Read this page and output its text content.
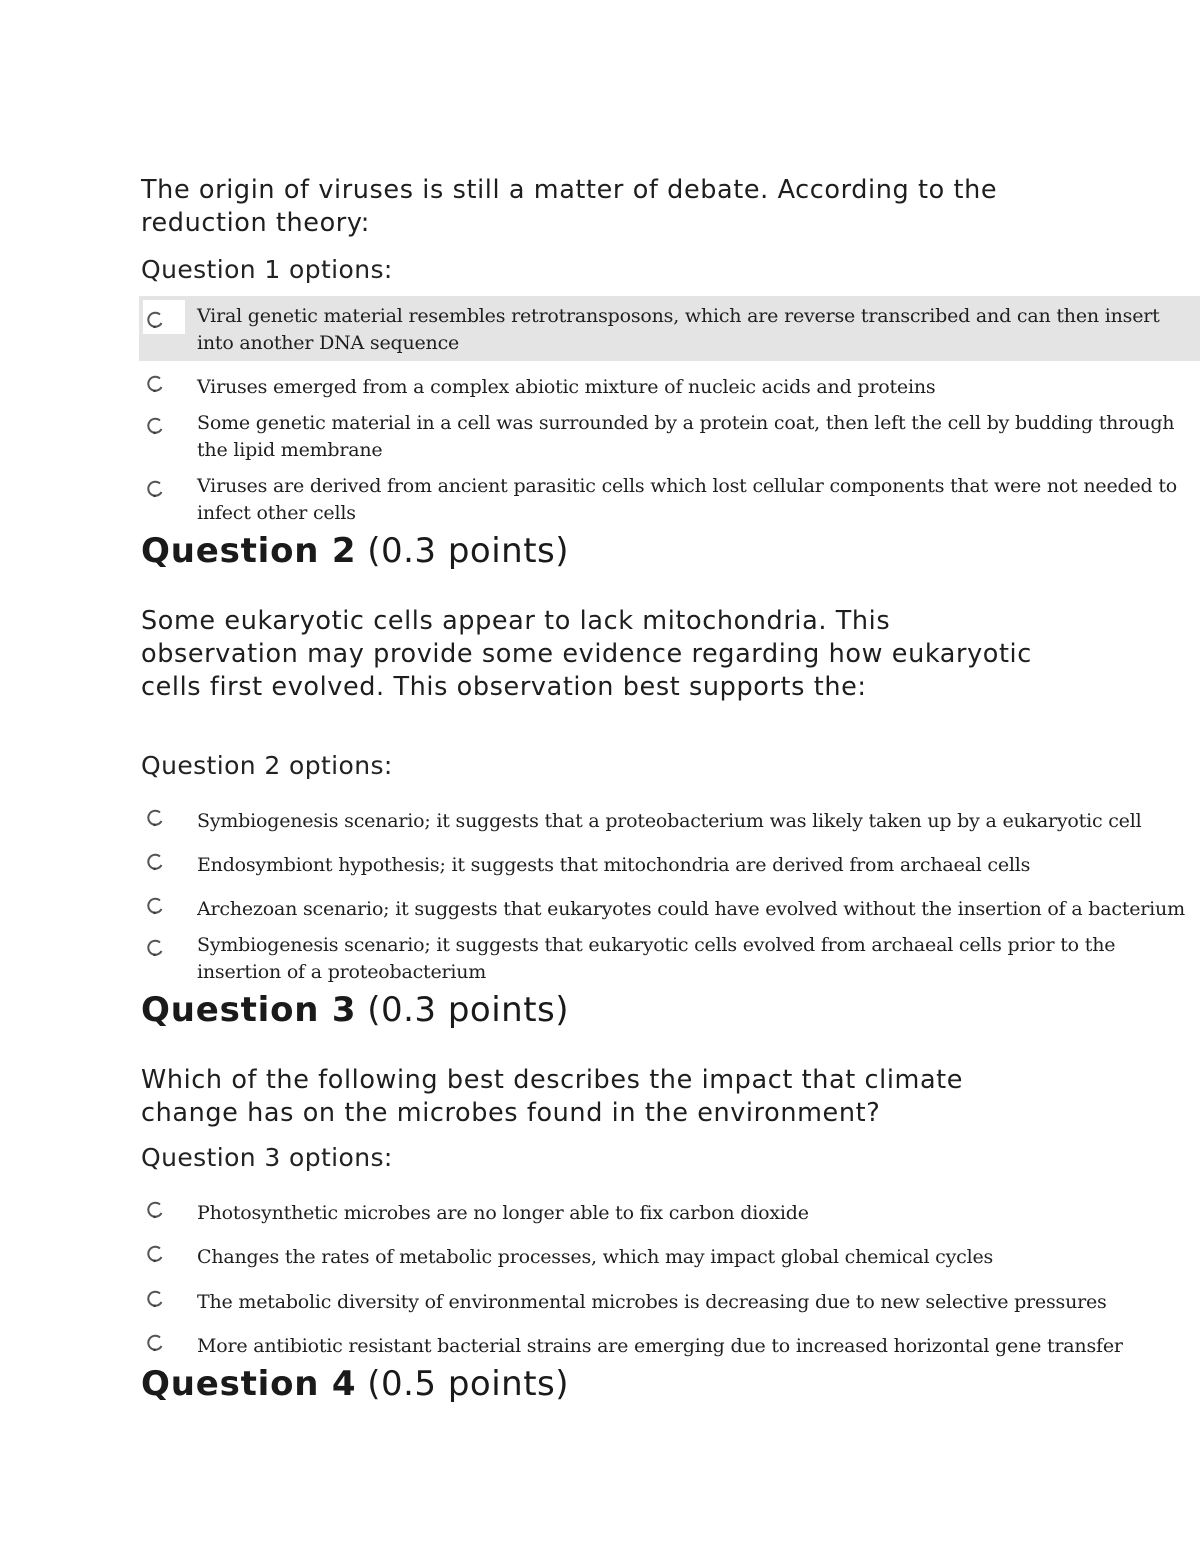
The origin of viruses is still a matter of debate. According to the reduction theory:
Question 1 options:
Viral genetic material resembles retrotransposons, which are reverse transcribed and can then insert into another DNA sequence
Viruses emerged from a complex abiotic mixture of nucleic acids and proteins
Some genetic material in a cell was surrounded by a protein coat, then left the cell by budding through the lipid membrane
Viruses are derived from ancient parasitic cells which lost cellular components that were not needed to infect other cells
Question 2 (0.3 points)
Some eukaryotic cells appear to lack mitochondria. This observation may provide some evidence regarding how eukaryotic cells first evolved. This observation best supports the:
Question 2 options:
Symbiogenesis scenario; it suggests that a proteobacterium was likely taken up by a eukaryotic cell
Endosymbiont hypothesis; it suggests that mitochondria are derived from archaeal cells
Archezoan scenario; it suggests that eukaryotes could have evolved without the insertion of a bacterium
Symbiogenesis scenario; it suggests that eukaryotic cells evolved from archaeal cells prior to the insertion of a proteobacterium
Question 3 (0.3 points)
Which of the following best describes the impact that climate change has on the microbes found in the environment?
Question 3 options:
Photosynthetic microbes are no longer able to fix carbon dioxide
Changes the rates of metabolic processes, which may impact global chemical cycles
The metabolic diversity of environmental microbes is decreasing due to new selective pressures
More antibiotic resistant bacterial strains are emerging due to increased horizontal gene transfer
Question 4 (0.5 points)
